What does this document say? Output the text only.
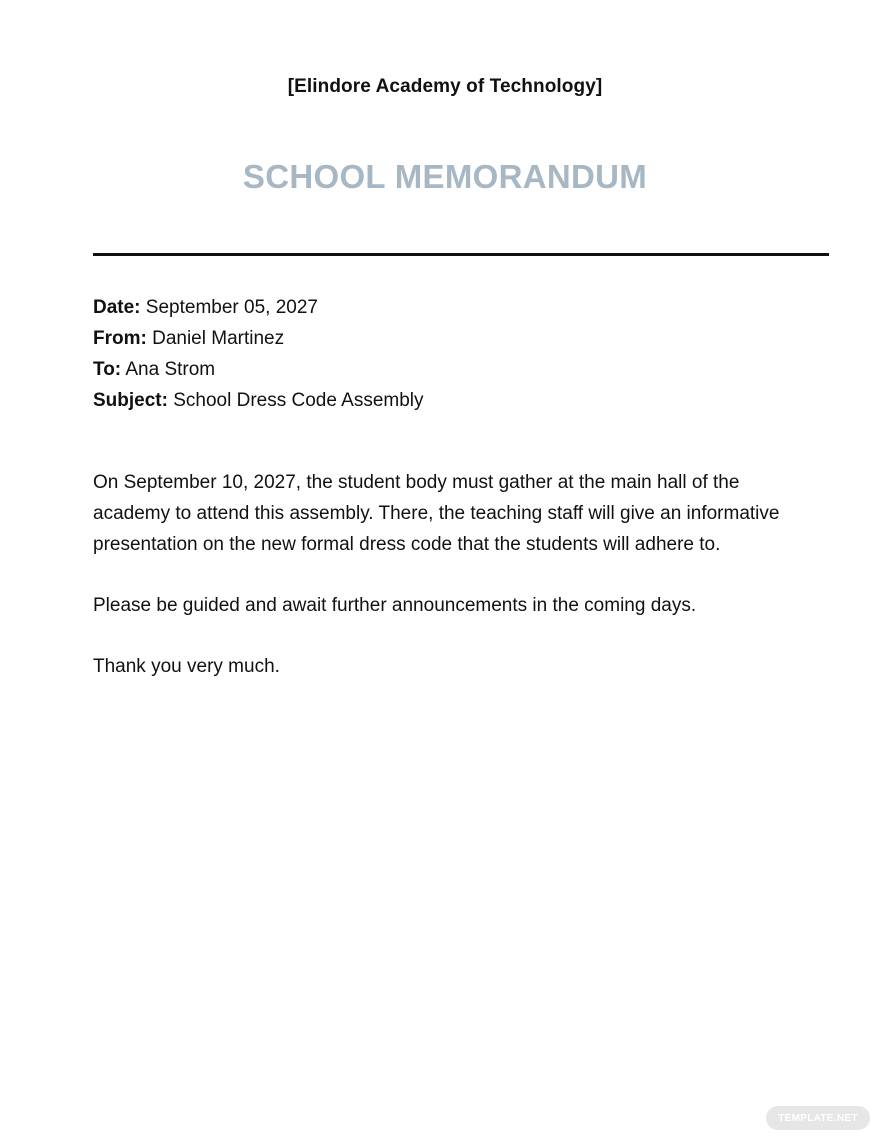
[Elindore Academy of Technology]
SCHOOL MEMORANDUM
Date: September 05, 2027
From: Daniel Martinez
To: Ana Strom
Subject: School Dress Code Assembly

On September 10, 2027, the student body must gather at the main hall of the academy to attend this assembly. There, the teaching staff will give an informative presentation on the new formal dress code that the students will adhere to.

Please be guided and await further announcements in the coming days.

Thank you very much.

TEMPLATE.NET
